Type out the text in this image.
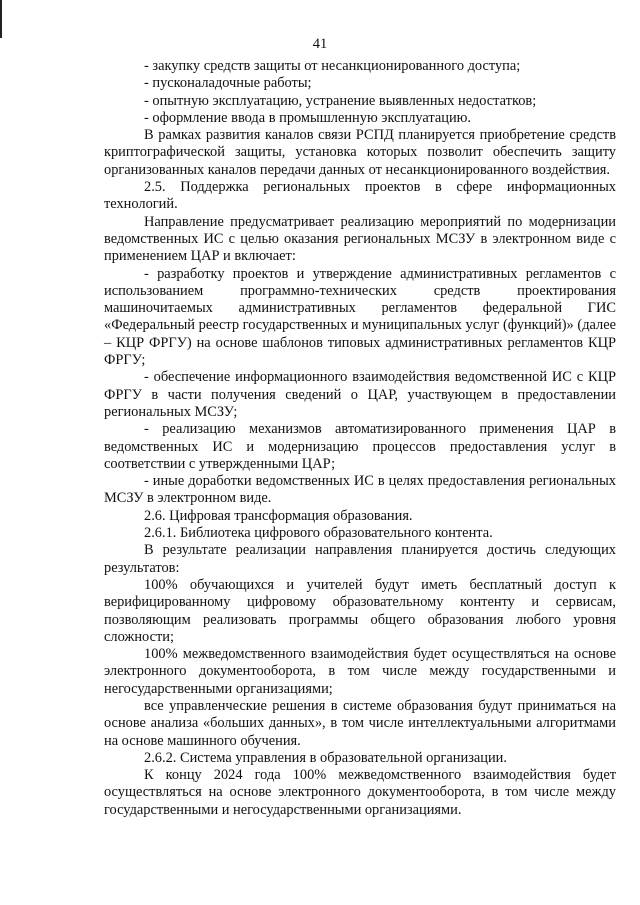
41

- закупку средств защиты от несанкционированного доступа;

- пусконаладочные работы;

- опытную эксплуатацию, устранение выявленных недостатков;

- оформление ввода в промышленную эксплуатацию.

В рамках развития каналов связи РСПД планируется приобретение средств криптографической защиты, установка которых позволит обеспечить защиту организованных каналов передачи данных от несанкционированного воздействия.

2.5. Поддержка региональных проектов в сфере информационных технологий.

Направление предусматривает реализацию мероприятий по модернизации ведомственных ИС с целью оказания региональных МСЗУ в электронном виде с применением ЦАР и включает:

- разработку проектов и утверждение административных регламентов с использованием программно-технических средств проектирования машиночитаемых административных регламентов федеральной ГИС «Федеральный реестр государственных и муниципальных услуг (функций)» (далее – КЦР ФРГУ) на основе шаблонов типовых административных регламентов КЦР ФРГУ;

- обеспечение информационного взаимодействия ведомственной ИС с КЦР ФРГУ в части получения сведений о ЦАР, участвующем в предоставлении региональных МСЗУ;

- реализацию механизмов автоматизированного применения ЦАР в ведомственных ИС и модернизацию процессов предоставления услуг в соответствии с утвержденными ЦАР;

- иные доработки ведомственных ИС в целях предоставления региональных МСЗУ в электронном виде.

2.6. Цифровая трансформация образования.

2.6.1. Библиотека цифрового образовательного контента.

В результате реализации направления планируется достичь следующих результатов:

100% обучающихся и учителей будут иметь бесплатный доступ к верифицированному цифровому образовательному контенту и сервисам, позволяющим реализовать программы общего образования любого уровня сложности;

100% межведомственного взаимодействия будет осуществляться на основе электронного документооборота, в том числе между государственными и негосударственными организациями;

все управленческие решения в системе образования будут приниматься на основе анализа «больших данных», в том числе интеллектуальными алгоритмами на основе машинного обучения.

2.6.2. Система управления в образовательной организации.

К концу 2024 года 100% межведомственного взаимодействия будет осуществляться на основе электронного документооборота, в том числе между государственными и негосударственными организациями.
